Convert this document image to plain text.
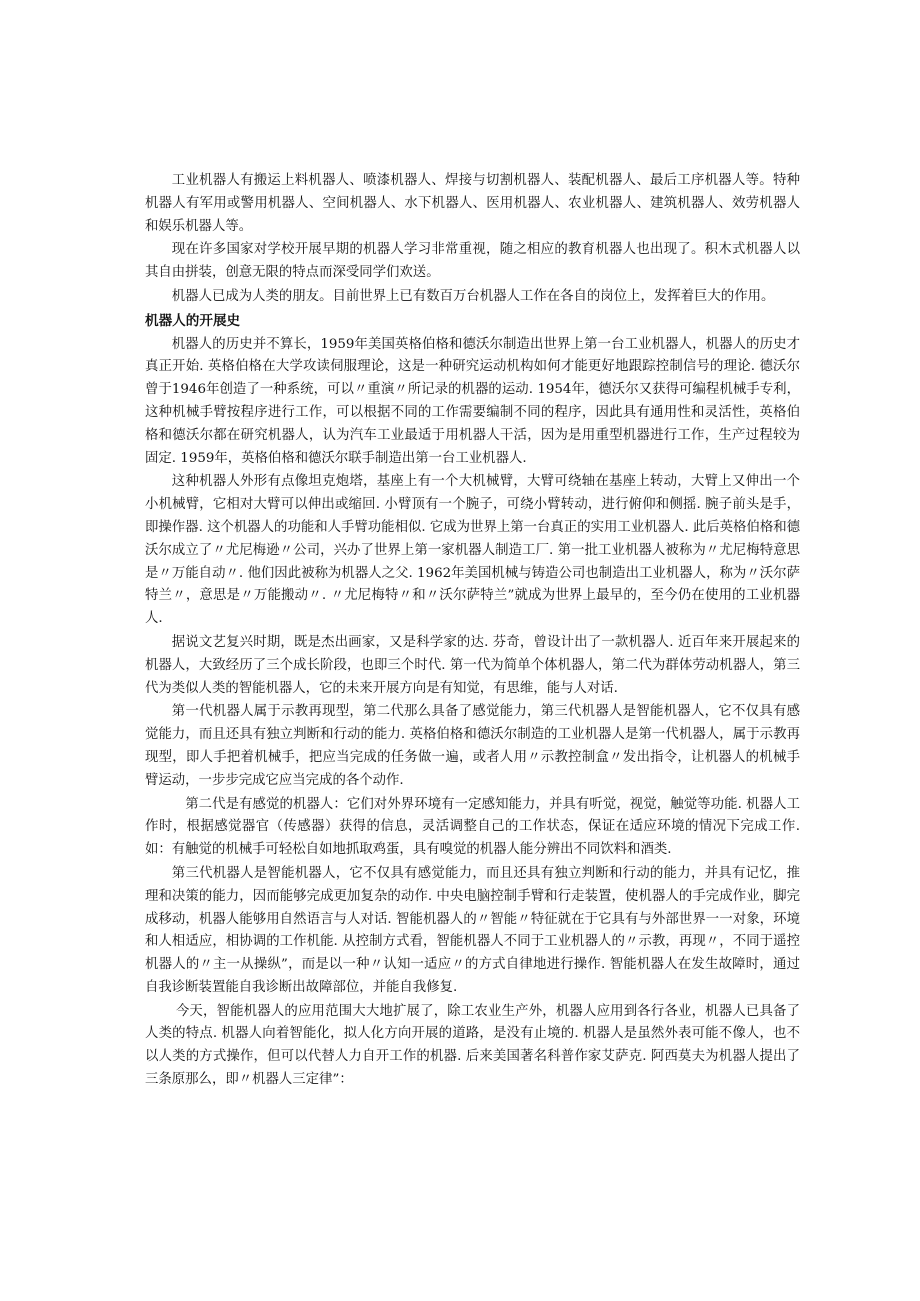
工业机器人有搬运上料机器人、喷漆机器人、焊接与切割机器人、装配机器人、最后工序机器人等。特种机器人有军用或警用机器人、空间机器人、水下机器人、医用机器人、农业机器人、建筑机器人、效劳机器人和娱乐机器人等。

现在许多国家对学校开展早期的机器人学习非常重视，随之相应的教育机器人也出现了。积木式机器人以其自由拼装，创意无限的特点而深受同学们欢送。

机器人已成为人类的朋友。目前世界上已有数百万台机器人工作在各自的岗位上，发挥着巨大的作用。

机器人的开展史

机器人的历史并不算长，1959年美国英格伯格和德沃尔制造出世界上第一台工业机器人，机器人的历史才真正开始. 英格伯格在大学攻读伺服理论，这是一种研究运动机构如何才能更好地跟踪控制信号的理论. 德沃尔曾于1946年创造了一种系统，可以〃重演〃所记录的机器的运动. 1954年，德沃尔又获得可编程机械手专利，这种机械手臂按程序进行工作，可以根据不同的工作需要编制不同的程序，因此具有通用性和灵活性，英格伯格和德沃尔都在研究机器人，认为汽车工业最适于用机器人干活，因为是用重型机器进行工作，生产过程较为固定. 1959年，英格伯格和德沃尔联手制造出第一台工业机器人.

这种机器人外形有点像坦克炮塔，基座上有一个大机械臂，大臂可绕轴在基座上转动，大臂上又伸出一个小机械臂，它相对大臂可以伸出或缩回. 小臂顶有一个腕子，可绕小臂转动，进行俯仰和侧摇. 腕子前头是手，即操作器. 这个机器人的功能和人手臂功能相似. 它成为世界上第一台真正的实用工业机器人. 此后英格伯格和德沃尔成立了〃尤尼梅逊〃公司，兴办了世界上第一家机器人制造工厂. 第一批工业机器人被称为〃尤尼梅特意思是〃万能自动〃. 他们因此被称为机器人之父. 1962年美国机械与铸造公司也制造出工业机器人，称为〃沃尔萨特兰〃，意思是〃万能搬动〃. 〃尤尼梅特〃和〃沃尔萨特兰”就成为世界上最早的，至今仍在使用的工业机器人.

据说文艺复兴时期，既是杰出画家，又是科学家的达. 芬奇，曾设计出了一款机器人. 近百年来开展起来的机器人，大致经历了三个成长阶段，也即三个时代. 第一代为简单个体机器人，第二代为群体劳动机器人，第三代为类似人类的智能机器人，它的未来开展方向是有知觉，有思维，能与人对话.

第一代机器人属于示教再现型，第二代那么具备了感觉能力，第三代机器人是智能机器人，它不仅具有感觉能力，而且还具有独立判断和行动的能力. 英格伯格和德沃尔制造的工业机器人是第一代机器人，属于示教再现型，即人手把着机械手，把应当完成的任务做一遍，或者人用〃示教控制盒〃发出指令，让机器人的机械手臂运动，一步步完成它应当完成的各个动作.

第二代是有感觉的机器人：它们对外界环境有一定感知能力，并具有听觉，视觉，触觉等功能. 机器人工作时，根据感觉器官（传感器）获得的信息，灵活调整自己的工作状态，保证在适应环境的情况下完成工作. 如：有触觉的机械手可轻松自如地抓取鸡蛋，具有嗅觉的机器人能分辨出不同饮料和酒类.

第三代机器人是智能机器人，它不仅具有感觉能力，而且还具有独立判断和行动的能力，并具有记忆，推理和决策的能力，因而能够完成更加复杂的动作. 中央电脑控制手臂和行走装置，使机器人的手完成作业，脚完成移动，机器人能够用自然语言与人对话. 智能机器人的〃智能〃特征就在于它具有与外部世界一一对象，环境和人相适应，相协调的工作机能. 从控制方式看，智能机器人不同于工业机器人的〃示教，再现〃，不同于遥控机器人的〃主一从操纵”，而是以一种〃认知一适应〃的方式自律地进行操作. 智能机器人在发生故障时，通过自我诊断装置能自我诊断出故障部位，并能自我修复.

今天，智能机器人的应用范围大大地扩展了，除工农业生产外，机器人应用到各行各业，机器人已具备了人类的特点. 机器人向着智能化，拟人化方向开展的道路，是没有止境的. 机器人是虽然外表可能不像人，也不以人类的方式操作，但可以代替人力自开工作的机器. 后来美国著名科普作家艾萨克. 阿西莫夫为机器人提出了三条原那么，即〃机器人三定律”：
